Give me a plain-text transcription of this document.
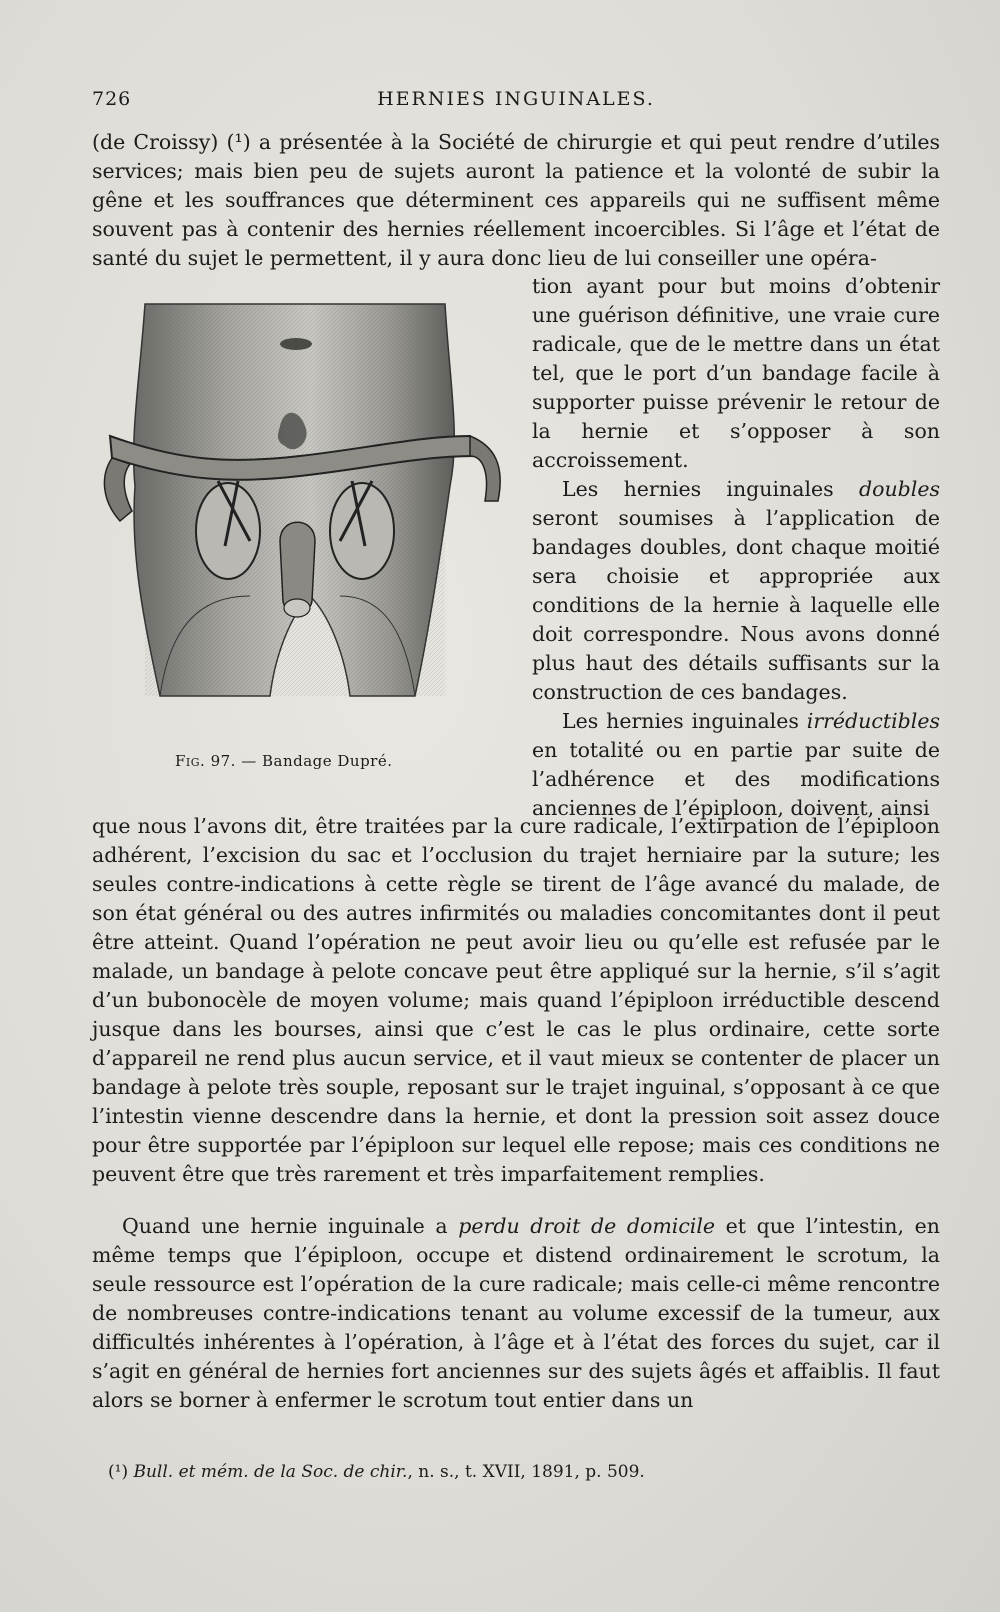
726	HERNIES INGUINALES.

(de Croissy) (¹) a présentée à la Société de chirurgie et qui peut rendre d’utiles services; mais bien peu de sujets auront la patience et la volonté de subir la gêne et les souffrances que déterminent ces appareils qui ne suffisent même souvent pas à contenir des hernies réellement incoercibles. Si l’âge et l’état de santé du sujet le permettent, il y aura donc lieu de lui conseiller une opéra-

Fig. 97. — Bandage Dupré.

tion ayant pour but moins d’obtenir une guérison définitive, une vraie cure radicale, que de le mettre dans un état tel, que le port d’un bandage facile à supporter puisse prévenir le retour de la hernie et s’opposer à son accroissement.

Les hernies inguinales doubles seront soumises à l’application de bandages doubles, dont chaque moitié sera choisie et appropriée aux conditions de la hernie à laquelle elle doit correspondre. Nous avons donné plus haut des détails suffisants sur la construction de ces bandages.

Les hernies inguinales irréductibles en totalité ou en partie par suite de l’adhérence et des modifications anciennes de l’épiploon, doivent, ainsi

que nous l’avons dit, être traitées par la cure radicale, l’extirpation de l’épiploon adhérent, l’excision du sac et l’occlusion du trajet herniaire par la suture; les seules contre-indications à cette règle se tirent de l’âge avancé du malade, de son état général ou des autres infirmités ou maladies concomitantes dont il peut être atteint. Quand l’opération ne peut avoir lieu ou qu’elle est refusée par le malade, un bandage à pelote concave peut être appliqué sur la hernie, s’il s’agit d’un bubonocèle de moyen volume; mais quand l’épiploon irréductible descend jusque dans les bourses, ainsi que c’est le cas le plus ordinaire, cette sorte d’appareil ne rend plus aucun service, et il vaut mieux se contenter de placer un bandage à pelote très souple, reposant sur le trajet inguinal, s’opposant à ce que l’intestin vienne descendre dans la hernie, et dont la pression soit assez douce pour être supportée par l’épiploon sur lequel elle repose; mais ces conditions ne peuvent être que très rarement et très imparfaitement remplies.

Quand une hernie inguinale a perdu droit de domicile et que l’intestin, en même temps que l’épiploon, occupe et distend ordinairement le scrotum, la seule ressource est l’opération de la cure radicale; mais celle-ci même rencontre de nombreuses contre-indications tenant au volume excessif de la tumeur, aux difficultés inhérentes à l’opération, à l’âge et à l’état des forces du sujet, car il s’agit en général de hernies fort anciennes sur des sujets âgés et affaiblis. Il faut alors se borner à enfermer le scrotum tout entier dans un

(¹) Bull. et mém. de la Soc. de chir., n. s., t. XVII, 1891, p. 509.
